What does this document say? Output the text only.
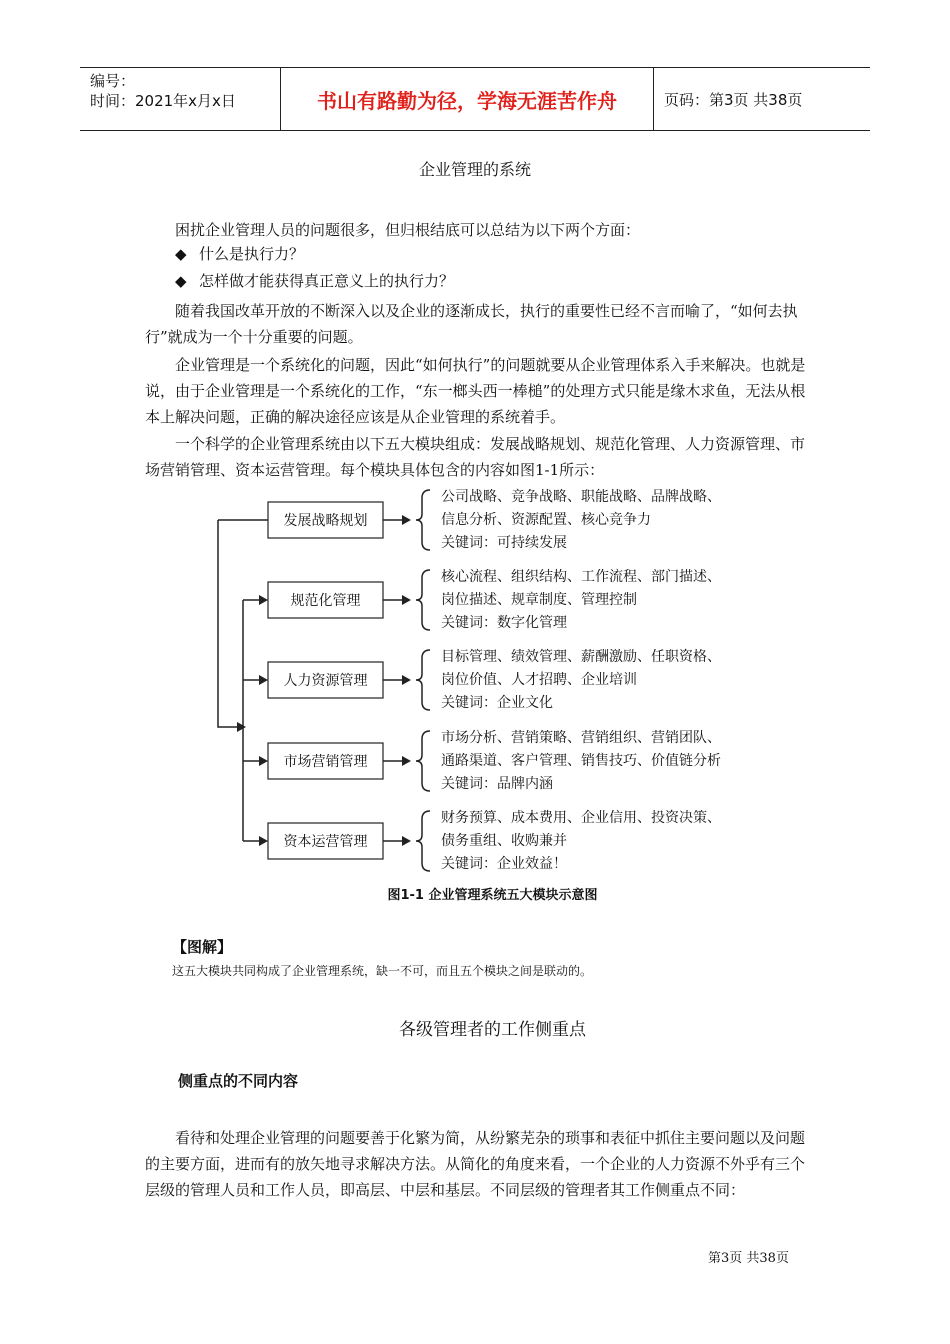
编号：
时间：2021年x月x日	书山有路勤为径，学海无涯苦作舟	页码：第3页 共38页
企业管理的系统
困扰企业管理人员的问题很多，但归根结底可以总结为以下两个方面：
◆ 什么是执行力？
◆ 怎样做才能获得真正意义上的执行力？
随着我国改革开放的不断深入以及企业的逐渐成长，执行的重要性已经不言而喻了，“如何去执行”就成为一个十分重要的问题。
企业管理是一个系统化的问题，因此“如何执行”的问题就要从企业管理体系入手来解决。也就是说，由于企业管理是一个系统化的工作，“东一榔头西一棒槌”的处理方式只能是缘木求鱼，无法从根本上解决问题，正确的解决途径应该是从企业管理的系统着手。
一个科学的企业管理系统由以下五大模块组成：发展战略规划、规范化管理、人力资源管理、市场营销管理、资本运营管理。每个模块具体包含的内容如图1-1所示：
发展战略规划
公司战略、竞争战略、职能战略、品牌战略、
信息分析、资源配置、核心竞争力
关键词：可持续发展
规范化管理
核心流程、组织结构、工作流程、部门描述、
岗位描述、规章制度、管理控制
关键词：数字化管理
人力资源管理
目标管理、绩效管理、薪酬激励、任职资格、
岗位价值、人才招聘、企业培训
关键词：企业文化
市场营销管理
市场分析、营销策略、营销组织、营销团队、
通路渠道、客户管理、销售技巧、价值链分析
关键词：品牌内涵
资本运营管理
财务预算、成本费用、企业信用、投资决策、
债务重组、收购兼并
关键词：企业效益！
图1-1 企业管理系统五大模块示意图
【图解】
这五大模块共同构成了企业管理系统，缺一不可，而且五个模块之间是联动的。
各级管理者的工作侧重点
侧重点的不同内容
看待和处理企业管理的问题要善于化繁为简，从纷繁芜杂的琐事和表征中抓住主要问题以及问题的主要方面，进而有的放矢地寻求解决方法。从简化的角度来看，一个企业的人力资源不外乎有三个层级的管理人员和工作人员，即高层、中层和基层。不同层级的管理者其工作侧重点不同：
第3页 共38页
